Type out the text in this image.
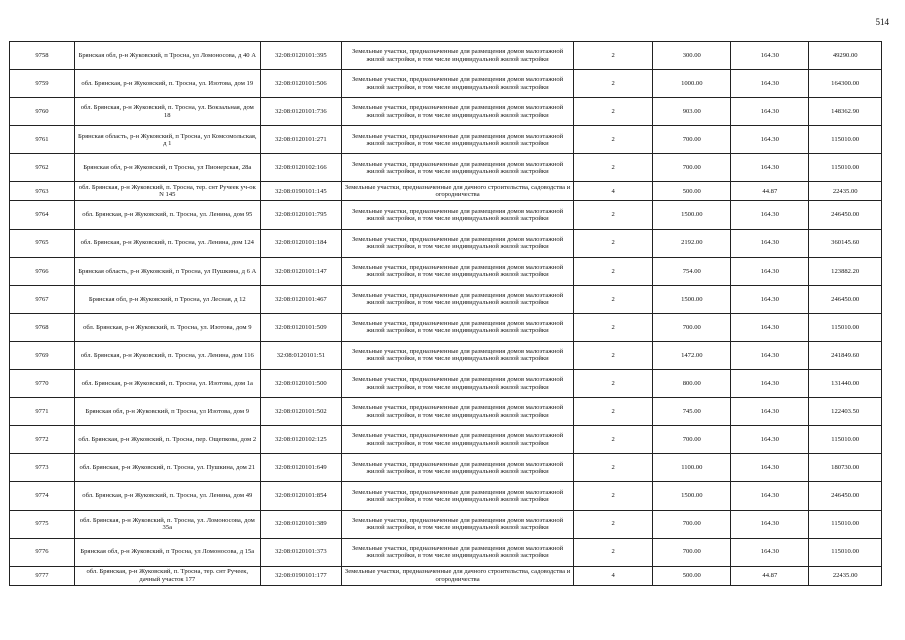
514
9758	Брянская обл, р-н Жуковский, п Тросна, ул Ломоносова, д 40 А	32:08:0120101:395	Земельные участки, предназначенные для размещения домов малоэтажной жилой застройки, в том числе индивидуальной жилой застройки	2	300.00	164.30	49290.00
9759	обл. Брянская, р-н Жуковский, п. Тросна, ул. Изотова, дом 19	32:08:0120101:506	Земельные участки, предназначенные для размещения домов малоэтажной жилой застройки, в том числе индивидуальной жилой застройки	2	1000.00	164.30	164300.00
9760	обл. Брянская, р-н Жуковский, п. Тросна, ул. Вокзальная, дом 18	32:08:0120101:736	Земельные участки, предназначенные для размещения домов малоэтажной жилой застройки, в том числе индивидуальной жилой застройки	2	903.00	164.30	148362.90
9761	Брянская область, р-н Жуковский, п Тросна, ул Комсомольская, д 1	32:08:0120101:271	Земельные участки, предназначенные для размещения домов малоэтажной жилой застройки, в том числе индивидуальной жилой застройки	2	700.00	164.30	115010.00
9762	Брянская обл, р-н Жуковский, п Тросна, ул Пионерская, 28а	32:08:0120102:166	Земельные участки, предназначенные для размещения домов малоэтажной жилой застройки, в том числе индивидуальной жилой застройки	2	700.00	164.30	115010.00
9763	обл. Брянская, р-н Жуковский, п. Тросна, тер. снт Ручеек уч-ок N 145	32:08:0190101:145	Земельные участки, предназначенные для дачного строительства, садоводства и огородничества	4	500.00	44.87	22435.00
9764	обл. Брянская, р-н Жуковский, п. Тросна, ул. Ленина, дом 95	32:08:0120101:795	Земельные участки, предназначенные для размещения домов малоэтажной жилой застройки, в том числе индивидуальной жилой застройки	2	1500.00	164.30	246450.00
9765	обл. Брянская, р-н Жуковский, п. Тросна, ул. Ленина, дом 124	32:08:0120101:184	Земельные участки, предназначенные для размещения домов малоэтажной жилой застройки, в том числе индивидуальной жилой застройки	2	2192.00	164.30	360145.60
9766	Брянская область, р-н Жуковский, п Тросна, ул Пушкина, д 6 А	32:08:0120101:147	Земельные участки, предназначенные для размещения домов малоэтажной жилой застройки, в том числе индивидуальной жилой застройки	2	754.00	164.30	123882.20
9767	Брянская обл, р-н Жуковский, п Тросна, ул Лесная, д 12	32:08:0120101:467	Земельные участки, предназначенные для размещения домов малоэтажной жилой застройки, в том числе индивидуальной жилой застройки	2	1500.00	164.30	246450.00
9768	обл. Брянская, р-н Жуковский, п. Тросна, ул. Изотова, дом 9	32:08:0120101:509	Земельные участки, предназначенные для размещения домов малоэтажной жилой застройки, в том числе индивидуальной жилой застройки	2	700.00	164.30	115010.00
9769	обл. Брянская, р-н Жуковский, п. Тросна, ул. Ленина, дом 116	32:08:0120101:51	Земельные участки, предназначенные для размещения домов малоэтажной жилой застройки, в том числе индивидуальной жилой застройки	2	1472.00	164.30	241849.60
9770	обл. Брянская, р-н Жуковский, п. Тросна, ул. Изотова, дом 1а	32:08:0120101:500	Земельные участки, предназначенные для размещения домов малоэтажной жилой застройки, в том числе индивидуальной жилой застройки	2	800.00	164.30	131440.00
9771	Брянская обл, р-н Жуковский, п Тросна, ул Изотова, дом 9	32:08:0120101:502	Земельные участки, предназначенные для размещения домов малоэтажной жилой застройки, в том числе индивидуальной жилой застройки	2	745.00	164.30	122403.50
9772	обл. Брянская, р-н Жуковский, п. Тросна, пер. Ощепкова, дом 2	32:08:0120102:125	Земельные участки, предназначенные для размещения домов малоэтажной жилой застройки, в том числе индивидуальной жилой застройки	2	700.00	164.30	115010.00
9773	обл. Брянская, р-н Жуковский, п. Тросна, ул. Пушкина, дом 21	32:08:0120101:649	Земельные участки, предназначенные для размещения домов малоэтажной жилой застройки, в том числе индивидуальной жилой застройки	2	1100.00	164.30	180730.00
9774	обл. Брянская, р-н Жуковский, п. Тросна, ул. Ленина, дом 49	32:08:0120101:854	Земельные участки, предназначенные для размещения домов малоэтажной жилой застройки, в том числе индивидуальной жилой застройки	2	1500.00	164.30	246450.00
9775	обл. Брянская, р-н Жуковский, п. Тросна, ул. Ломоносова, дом 35а	32:08:0120101:389	Земельные участки, предназначенные для размещения домов малоэтажной жилой застройки, в том числе индивидуальной жилой застройки	2	700.00	164.30	115010.00
9776	Брянская обл, р-н Жуковский, п Тросна, ул Ломоносова, д 15а	32:08:0120101:373	Земельные участки, предназначенные для размещения домов малоэтажной жилой застройки, в том числе индивидуальной жилой застройки	2	700.00	164.30	115010.00
9777	обл. Брянская, р-н Жуковский, п. Тросна, тер. снт Ручеек, дачный участок 177	32:08:0190101:177	Земельные участки, предназначенные для дачного строительства, садоводства и огородничества	4	500.00	44.87	22435.00
